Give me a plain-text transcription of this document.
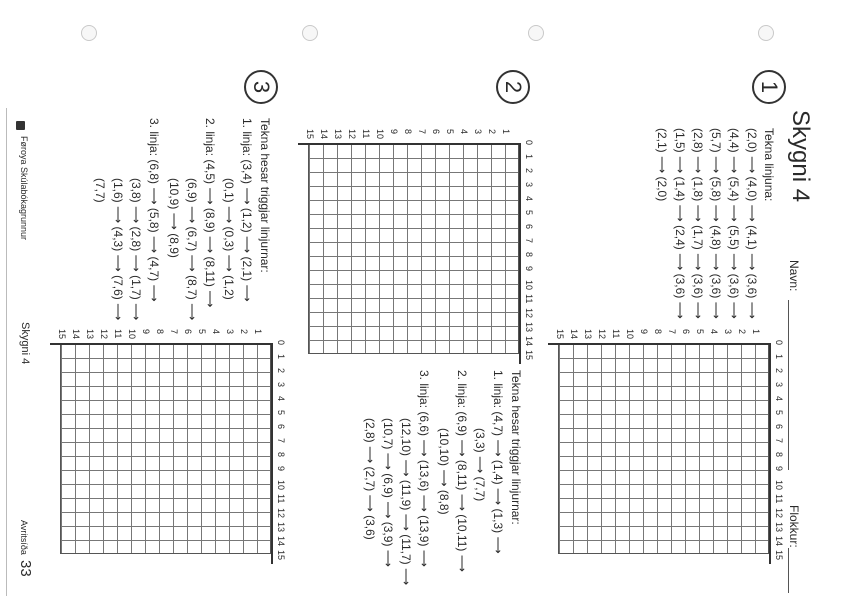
Skygni 4
Navn:
Flokkur:
1
2
3
Tekna linjuna:
(2,0) ⟶ (4,0) ⟶ (4,1) ⟶ (3,6) ⟶
(4,4) ⟶ (5,4) ⟶ (5,5) ⟶ (3,6) ⟶
(5,7) ⟶ (5,8) ⟶ (4,8) ⟶ (3,6) ⟶
(2,8) ⟶ (1,8) ⟶ (1,7) ⟶ (3,6) ⟶
(1,5) ⟶ (1,4) ⟶ (2,4) ⟶ (3,6) ⟶
(2,1) ⟶ (2,0)
Tekna hesar triggjar linjurnar:
1. linja: (4,7) ⟶ (1,4) ⟶ (1,3) ⟶
(3,3) ⟶ (7,7)
2. linja: (6,9) ⟶ (8,11) ⟶ (10,11) ⟶
(10,10) ⟶ (8,8)
3. linja: (6,6) ⟶ (13,6) ⟶ (13,9) ⟶
(12,10) ⟶ (11,9) ⟶ (11,7) ⟶
(10,7) ⟶ (6,9) ⟶ (3,9) ⟶
(2,8) ⟶ (2,7) ⟶ (3,6)
Tekna hesar triggjar linjurnar:
1. linja: (3,4) ⟶ (1,2) ⟶ (2,1) ⟶
(0,1) ⟶ (0,3) ⟶ (1,2)
2. linja: (4,5) ⟶ (8,9) ⟶ (8,11) ⟶
(6,9) ⟶ (6,7) ⟶ (8,7) ⟶
(10,9) ⟶ (8,9)
3. linja: (6,8) ⟶ (5,8) ⟶ (4,7) ⟶
(3,8) ⟶ (2,8) ⟶ (1,7) ⟶
(1,6) ⟶ (4,3) ⟶ (7,6) ⟶
(7,7)
0
1
2
3
4
5
6
7
8
9
10
11
12
13
14
15
1
2
3
4
5
6
7
8
9
10
11
12
13
14
15
0
1
2
3
4
5
6
7
8
9
10
11
12
13
14
15
1
2
3
4
5
6
7
8
9
10
11
12
13
14
15
0
1
2
3
4
5
6
7
8
9
10
11
12
13
14
15
1
2
3
4
5
6
7
8
9
10
11
12
13
14
15
Føroya Skúlabókagrunnur
Skygni 4
Avritsíða
33
